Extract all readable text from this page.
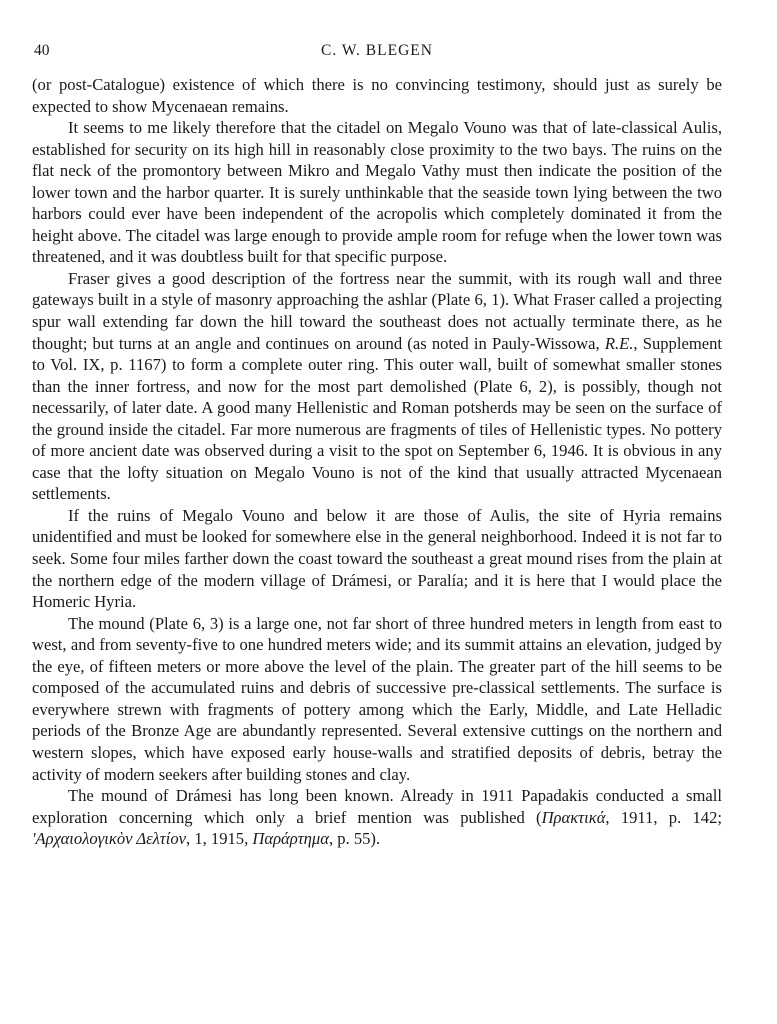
40	C. W. BLEGEN

(or post-Catalogue) existence of which there is no convincing testimony, should just as surely be expected to show Mycenaean remains.

It seems to me likely therefore that the citadel on Megalo Vouno was that of late-classical Aulis, established for security on its high hill in reasonably close proximity to the two bays. The ruins on the flat neck of the promontory between Mikro and Megalo Vathy must then indicate the position of the lower town and the harbor quarter. It is surely unthinkable that the seaside town lying between the two harbors could ever have been independent of the acropolis which completely dominated it from the height above. The citadel was large enough to provide ample room for refuge when the lower town was threatened, and it was doubtless built for that specific purpose.

Fraser gives a good description of the fortress near the summit, with its rough wall and three gateways built in a style of masonry approaching the ashlar (Plate 6, 1). What Fraser called a projecting spur wall extending far down the hill toward the southeast does not actually terminate there, as he thought; but turns at an angle and continues on around (as noted in Pauly-Wissowa, R.E., Supplement to Vol. IX, p. 1167) to form a complete outer ring. This outer wall, built of somewhat smaller stones than the inner fortress, and now for the most part demolished (Plate 6, 2), is possibly, though not necessarily, of later date. A good many Hellenistic and Roman potsherds may be seen on the surface of the ground inside the citadel. Far more numerous are fragments of tiles of Hellenistic types. No pottery of more ancient date was observed during a visit to the spot on September 6, 1946. It is obvious in any case that the lofty situation on Megalo Vouno is not of the kind that usually attracted Mycenaean settlements.

If the ruins of Megalo Vouno and below it are those of Aulis, the site of Hyria remains unidentified and must be looked for somewhere else in the general neighborhood. Indeed it is not far to seek. Some four miles farther down the coast toward the southeast a great mound rises from the plain at the northern edge of the modern village of Drámesi, or Paralía; and it is here that I would place the Homeric Hyria.

The mound (Plate 6, 3) is a large one, not far short of three hundred meters in length from east to west, and from seventy-five to one hundred meters wide; and its summit attains an elevation, judged by the eye, of fifteen meters or more above the level of the plain. The greater part of the hill seems to be composed of the accumulated ruins and debris of successive pre-classical settlements. The surface is everywhere strewn with fragments of pottery among which the Early, Middle, and Late Helladic periods of the Bronze Age are abundantly represented. Several extensive cuttings on the northern and western slopes, which have exposed early house-walls and stratified deposits of debris, betray the activity of modern seekers after building stones and clay.

The mound of Drámesi has long been known. Already in 1911 Papadakis conducted a small exploration concerning which only a brief mention was published (Πρακτικά, 1911, p. 142; 'Αρχαιολογικὸν Δελτίον, 1, 1915, Παράρτημα, p. 55).
